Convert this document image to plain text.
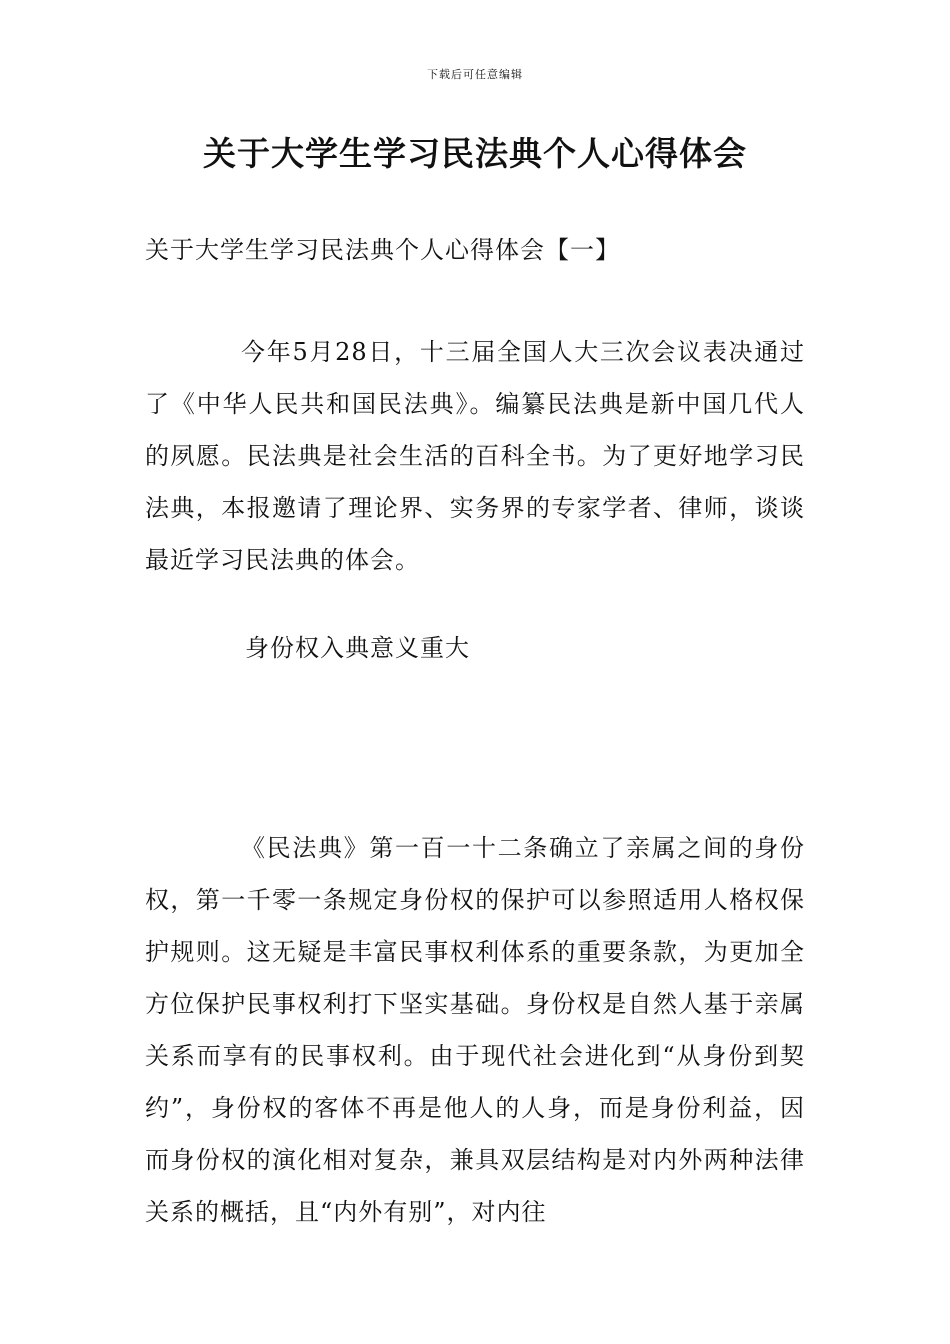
下载后可任意编辑
关于大学生学习民法典个人心得体会
关于大学生学习民法典个人心得体会【一】
今年5月28日，十三届全国人大三次会议表决通过了《中华人民共和国民法典》。编纂民法典是新中国几代人的夙愿。民法典是社会生活的百科全书。为了更好地学习民法典，本报邀请了理论界、实务界的专家学者、律师，谈谈最近学习民法典的体会。
身份权入典意义重大
《民法典》第一百一十二条确立了亲属之间的身份权，第一千零一条规定身份权的保护可以参照适用人格权保护规则。这无疑是丰富民事权利体系的重要条款，为更加全方位保护民事权利打下坚实基础。身份权是自然人基于亲属关系而享有的民事权利。由于现代社会进化到“从身份到契约”，身份权的客体不再是他人的人身，而是身份利益，因而身份权的演化相对复杂，兼具双层结构是对内外两种法律关系的概括，且“内外有别”，对内往
